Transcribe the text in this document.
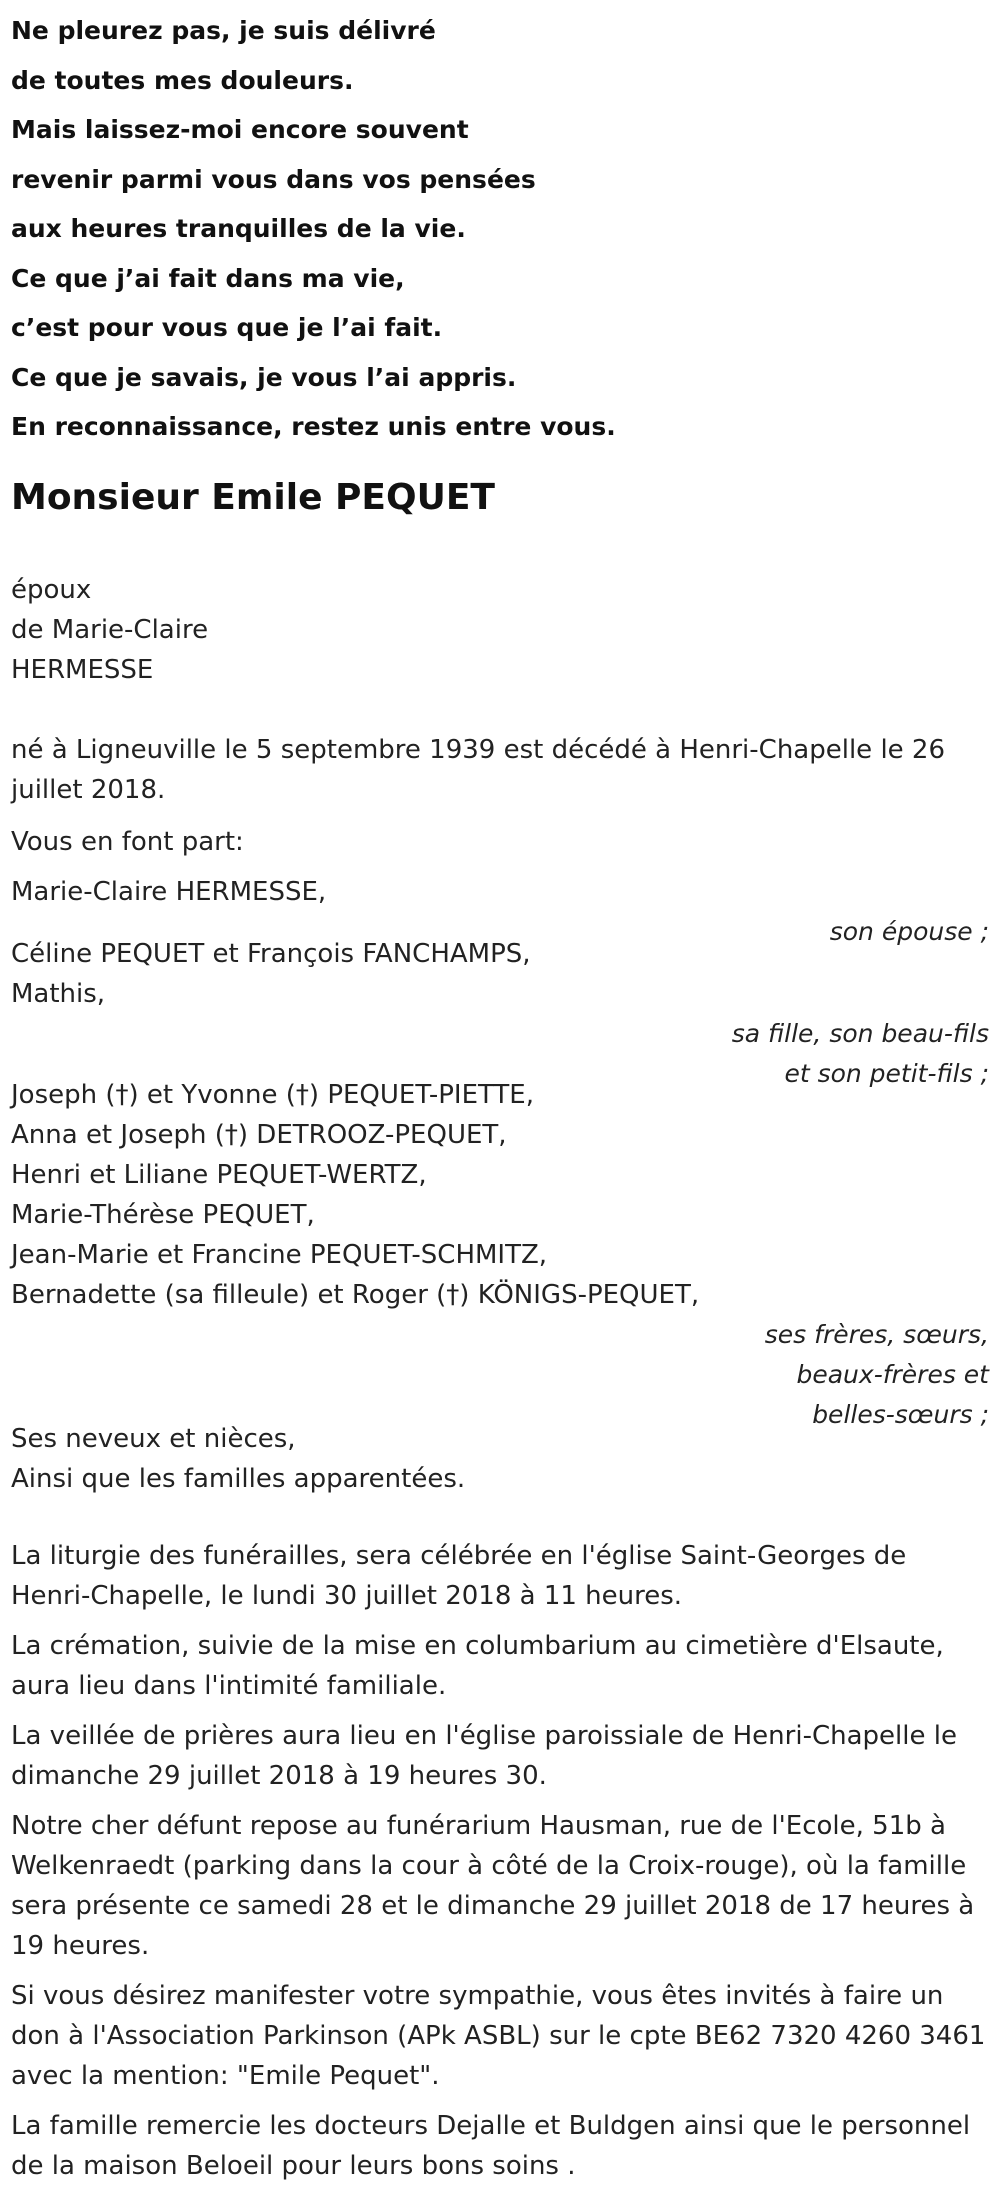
Ne pleurez pas, je suis délivré
de toutes mes douleurs.
Mais laissez-moi encore souvent
revenir parmi vous dans vos pensées
aux heures tranquilles de la vie.
Ce que j’ai fait dans ma vie,
c’est pour vous que je l’ai fait.
Ce que je savais, je vous l’ai appris.
En reconnaissance, restez unis entre vous.
Monsieur Emile PEQUET
époux
de Marie-Claire
HERMESSE
né à Ligneuville le 5 septembre 1939 est décédé à Henri-Chapelle le 26 juillet 2018.
Vous en font part:
Marie-Claire HERMESSE,
son épouse ;
Céline PEQUET et François FANCHAMPS,
Mathis,
sa fille, son beau-fils
et son petit-fils ;
Joseph (†) et Yvonne (†) PEQUET-PIETTE,
Anna et Joseph (†) DETROOZ-PEQUET,
Henri et Liliane PEQUET-WERTZ,
Marie-Thérèse PEQUET,
Jean-Marie et Francine PEQUET-SCHMITZ,
Bernadette (sa filleule) et Roger (†) KÖNIGS-PEQUET,
ses frères, sœurs,
beaux-frères et
belles-sœurs ;
Ses neveux et nièces,
Ainsi que les familles apparentées.

La liturgie des funérailles, sera célébrée en l'église Saint-Georges de Henri-Chapelle, le lundi 30 juillet 2018 à 11 heures.

La crémation, suivie de la mise en columbarium au cimetière d'Elsaute, aura lieu dans l'intimité familiale.

La veillée de prières aura lieu en l'église paroissiale de Henri-Chapelle le dimanche 29 juillet 2018 à 19 heures 30.

Notre cher défunt repose au funérarium Hausman, rue de l'Ecole, 51b à Welkenraedt (parking dans la cour à côté de la Croix-rouge), où la famille sera présente ce samedi 28 et le dimanche 29 juillet 2018 de 17 heures à 19 heures.

Si vous désirez manifester votre sympathie, vous êtes invités à faire un don à l'Association Parkinson (APk ASBL) sur le cpte BE62 7320 4260 3461 avec la mention: "Emile Pequet".

La famille remercie les docteurs Dejalle et Buldgen ainsi que le personnel de la maison Beloeil pour leurs bons soins .
